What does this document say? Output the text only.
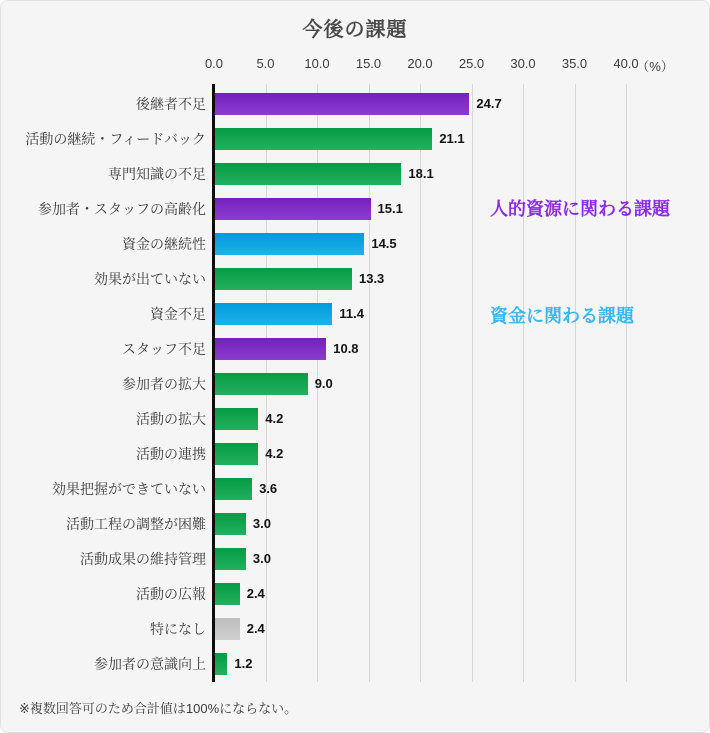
今後の課題
0.0	5.0	10.0	15.0	20.0	25.0	30.0	35.0	40.0
（%）
24.7
21.1
18.1
15.1
14.5
13.3
11.4
10.8
9.0
4.2
4.2
3.6
3.0
3.0
2.4
2.4
1.2
後継者不足
活動の継続・フィードバック
専門知識の不足
参加者・スタッフの高齢化
資金の継続性
効果が出ていない
資金不足
スタッフ不足
参加者の拡大
活動の拡大
活動の連携
効果把握ができていない
活動工程の調整が困難
活動成果の維持管理
活動の広報
特になし
参加者の意識向上
人的資源に関わる課題
資金に関わる課題
※複数回答可のため合計値は100%にならない。
